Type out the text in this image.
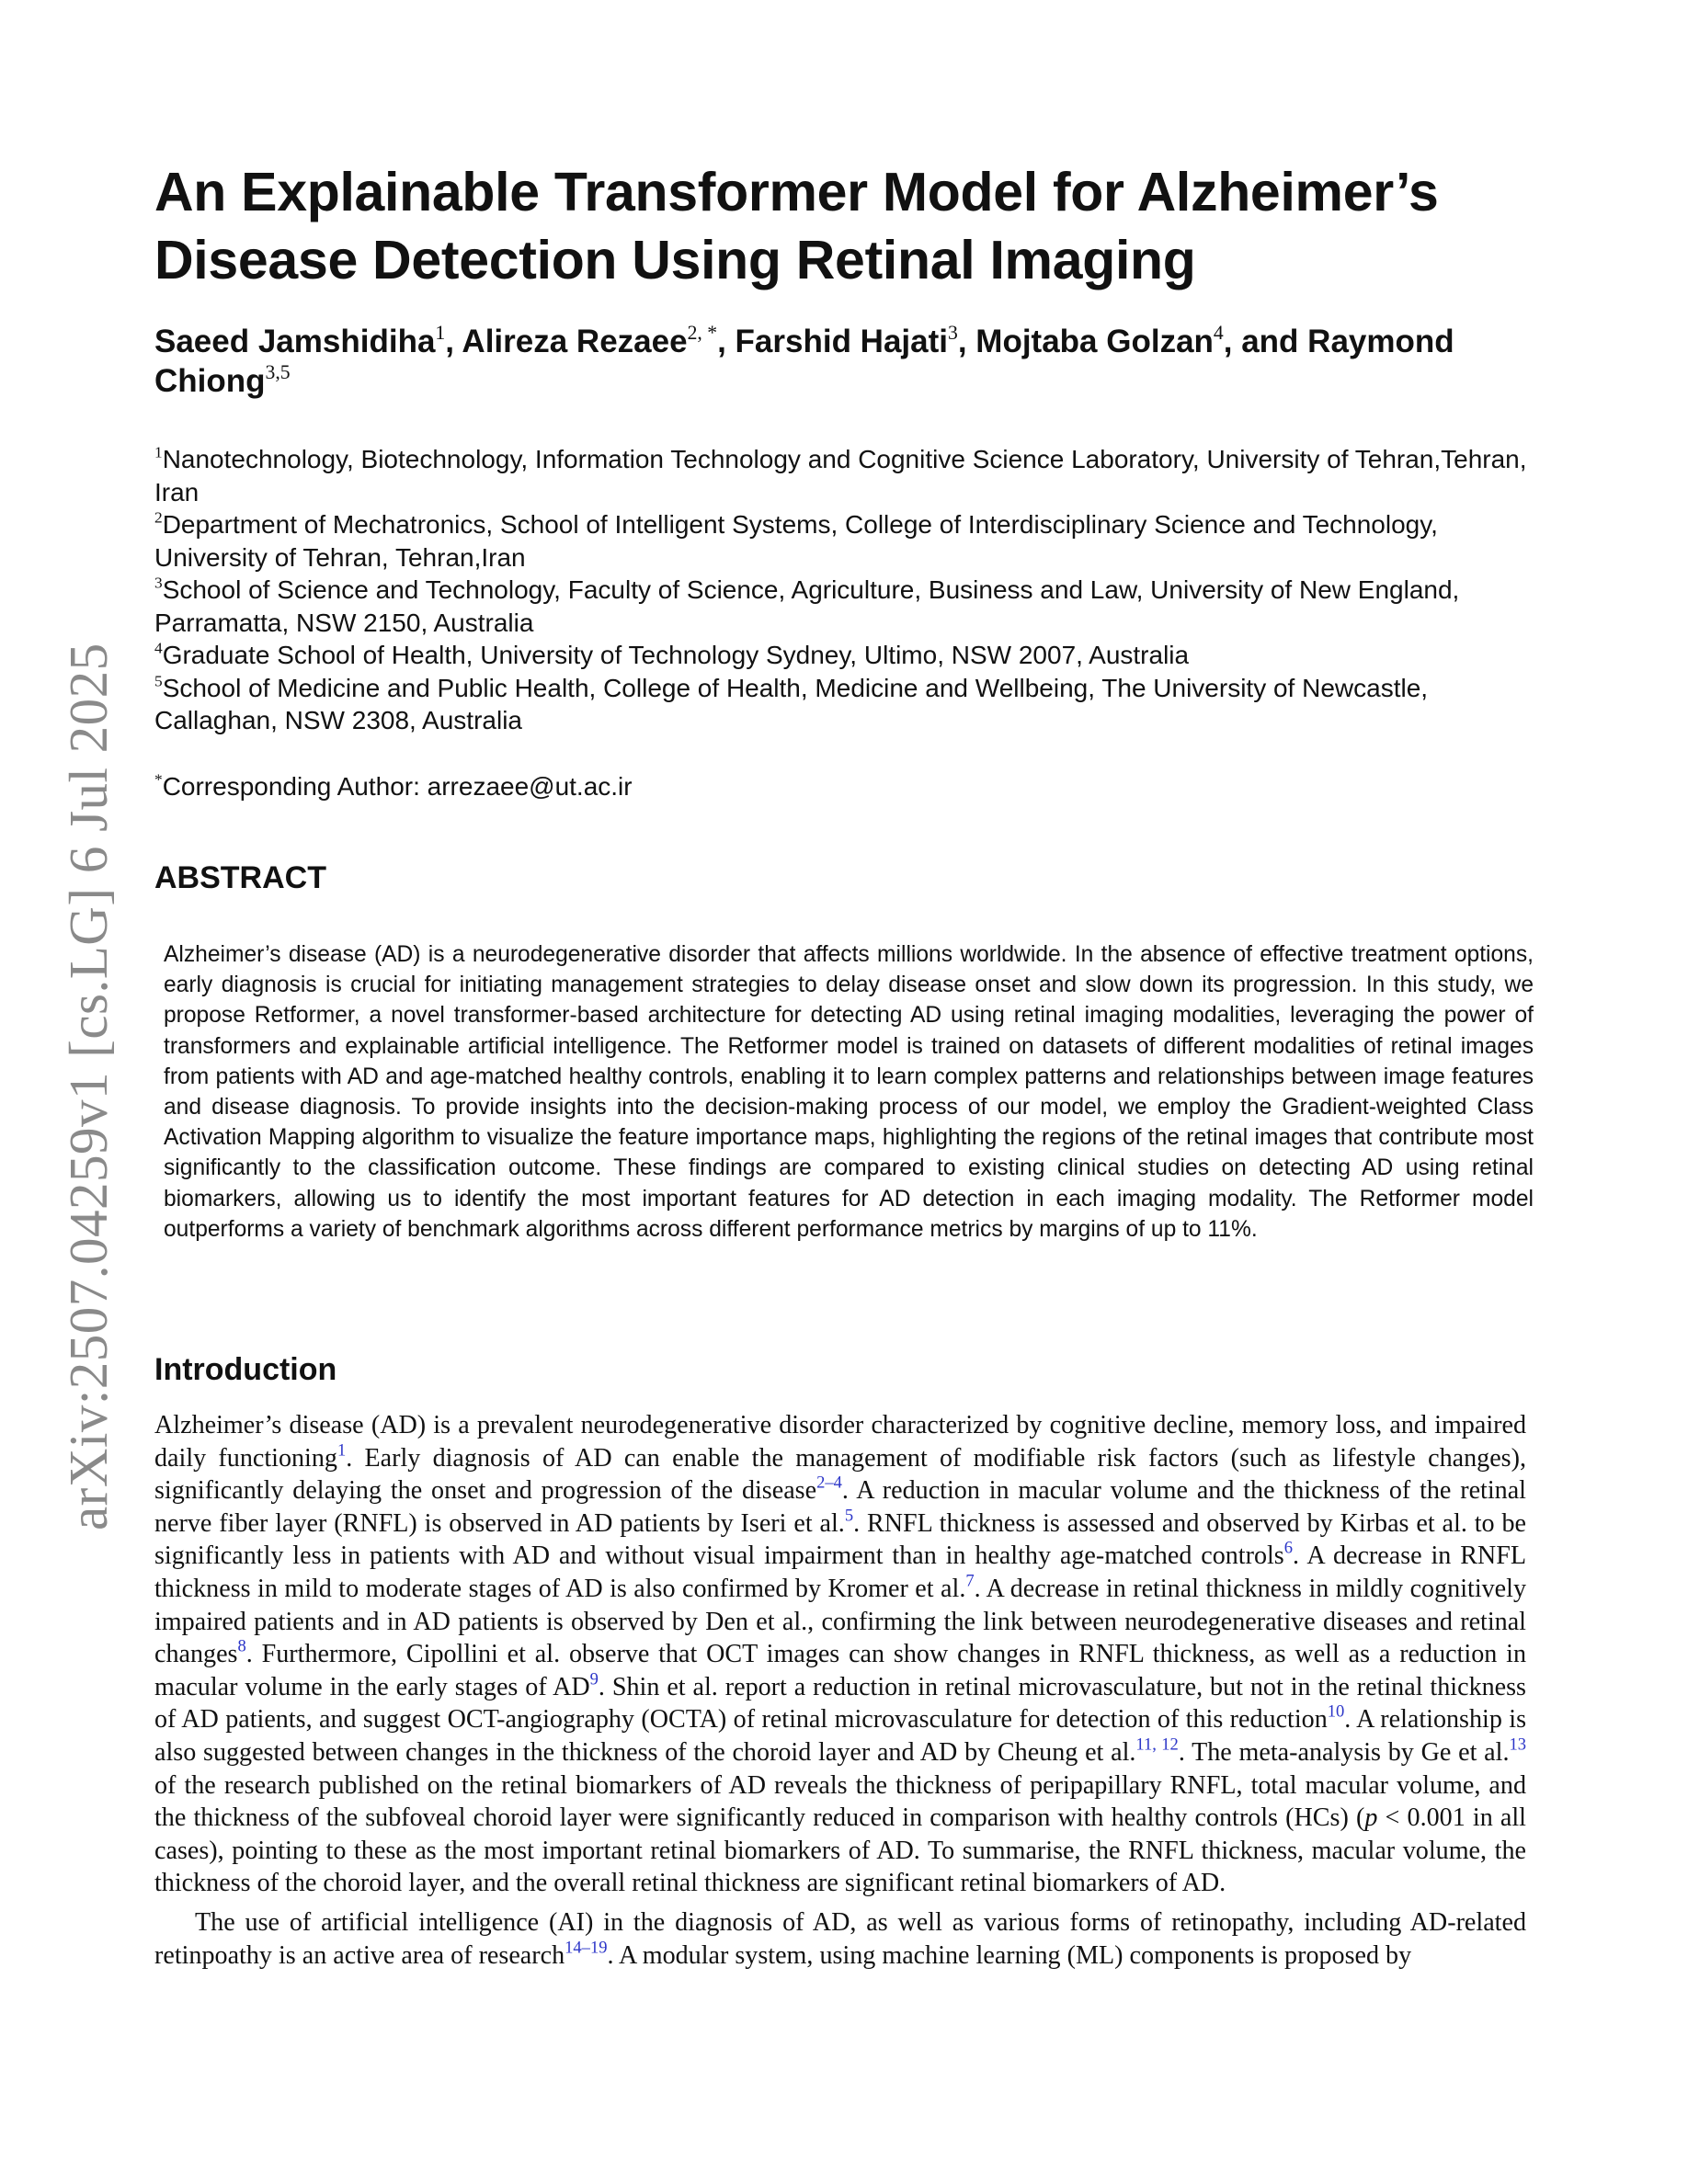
arXiv:2507.04259v1 [cs.LG] 6 Jul 2025
An Explainable Transformer Model for Alzheimer’s Disease Detection Using Retinal Imaging
Saeed Jamshidiha$^1$, Alireza Rezaee$^{2, *}$, Farshid Hajati$^3$, Mojtaba Golzan$^4$, and Raymond Chiong$^{3,5}$
$^1$Nanotechnology, Biotechnology, Information Technology and Cognitive Science Laboratory, University of Tehran,Tehran, Iran
$^2$Department of Mechatronics, School of Intelligent Systems, College of Interdisciplinary Science and Technology, University of Tehran, Tehran,Iran
$^3$School of Science and Technology, Faculty of Science, Agriculture, Business and Law, University of New England, Parramatta, NSW 2150, Australia
$^4$Graduate School of Health, University of Technology Sydney, Ultimo, NSW 2007, Australia
$^5$School of Medicine and Public Health, College of Health, Medicine and Wellbeing, The University of Newcastle, Callaghan, NSW 2308, Australia
*Corresponding Author: arrezaee@ut.ac.ir
ABSTRACT

Alzheimer’s disease (AD) is a neurodegenerative disorder that affects millions worldwide. In the absence of effective treatment options, early diagnosis is crucial for initiating management strategies to delay disease onset and slow down its progression. In this study, we propose Retformer, a novel transformer-based architecture for detecting AD using retinal imaging modalities, leveraging the power of transformers and explainable artificial intelligence. The Retformer model is trained on datasets of different modalities of retinal images from patients with AD and age-matched healthy controls, enabling it to learn complex patterns and relationships between image features and disease diagnosis. To provide insights into the decision-making process of our model, we employ the Gradient-weighted Class Activation Mapping algorithm to visualize the feature importance maps, highlighting the regions of the retinal images that contribute most significantly to the classification outcome. These findings are compared to existing clinical studies on detecting AD using retinal biomarkers, allowing us to identify the most important features for AD detection in each imaging modality. The Retformer model outperforms a variety of benchmark algorithms across different performance metrics by margins of up to 11%.

Introduction

Alzheimer’s disease (AD) is a prevalent neurodegenerative disorder characterized by cognitive decline, memory loss, and impaired daily functioning$^1$. Early diagnosis of AD can enable the management of modifiable risk factors (such as lifestyle changes), significantly delaying the onset and progression of the disease$^{2-4}$. A reduction in macular volume and the thickness of the retinal nerve fiber layer (RNFL) is observed in AD patients by Iseri et al.$^5$. RNFL thickness is assessed and observed by Kirbas et al. to be significantly less in patients with AD and without visual impairment than in healthy age-matched controls$^6$. A decrease in RNFL thickness in mild to moderate stages of AD is also confirmed by Kromer et al.$^7$. A decrease in retinal thickness in mildly cognitively impaired patients and in AD patients is observed by Den et al., confirming the link between neurodegenerative diseases and retinal changes$^8$. Furthermore, Cipollini et al. observe that OCT images can show changes in RNFL thickness, as well as a reduction in macular volume in the early stages of AD$^9$. Shin et al. report a reduction in retinal microvasculature, but not in the retinal thickness of AD patients, and suggest OCT-angiography (OCTA) of retinal microvasculature for detection of this reduction$^{10}$. A relationship is also suggested between changes in the thickness of the choroid layer and AD by Cheung et al.$^{11, 12}$. The meta-analysis by Ge et al.$^{13}$ of the research published on the retinal biomarkers of AD reveals the thickness of peripapillary RNFL, total macular volume, and the thickness of the subfoveal choroid layer were significantly reduced in comparison with healthy controls (HCs) (p < 0.001 in all cases), pointing to these as the most important retinal biomarkers of AD. To summarise, the RNFL thickness, macular volume, the thickness of the choroid layer, and the overall retinal thickness are significant retinal biomarkers of AD.

The use of artificial intelligence (AI) in the diagnosis of AD, as well as various forms of retinopathy, including AD-related retinpoathy is an active area of research$^{14-19}$. A modular system, using machine learning (ML) components is proposed by
